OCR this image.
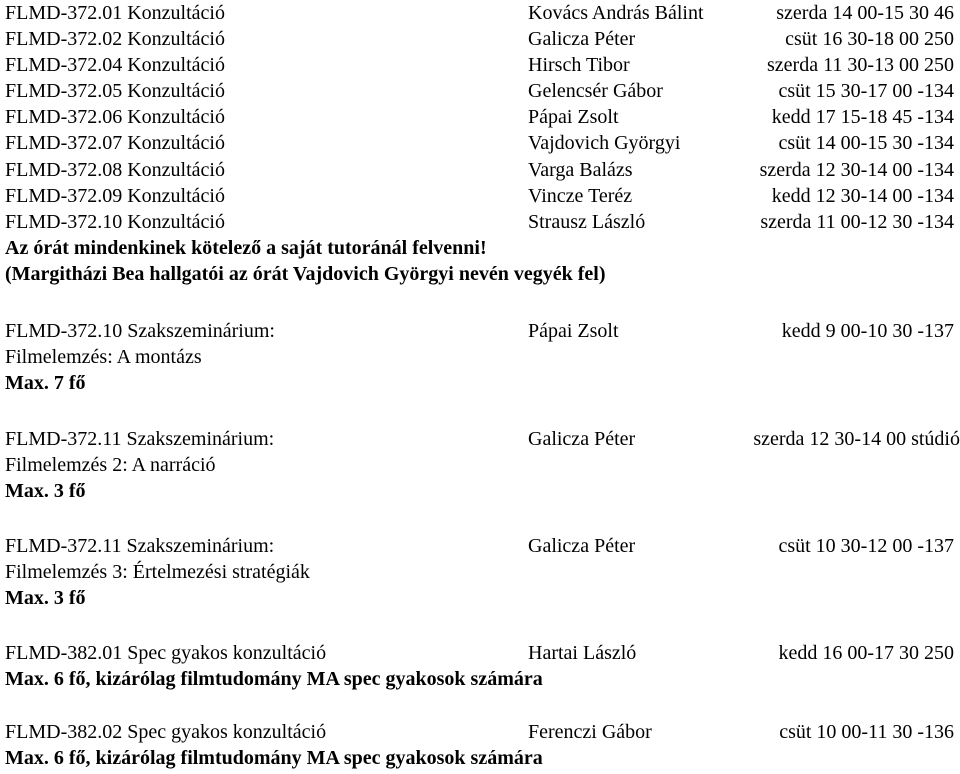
FLMD-372.01 Konzultáció	Kovács András Bálint	szerda 14 00-15 30 46
FLMD-372.02 Konzultáció	Galicza Péter	csüt 16 30-18 00 250
FLMD-372.04 Konzultáció	Hirsch Tibor	szerda 11 30-13 00 250
FLMD-372.05 Konzultáció	Gelencsér Gábor	csüt 15 30-17 00 -134
FLMD-372.06 Konzultáció	Pápai Zsolt	kedd 17 15-18 45 -134
FLMD-372.07 Konzultáció	Vajdovich Györgyi	csüt 14 00-15 30 -134
FLMD-372.08 Konzultáció	Varga Balázs	szerda 12 30-14 00 -134
FLMD-372.09 Konzultáció	Vincze Teréz	kedd 12 30-14 00 -134
FLMD-372.10 Konzultáció	Strausz László	szerda 11 00-12 30 -134
Az órát mindenkinek kötelező a saját tutoránál felvenni!
(Margitházi Bea hallgatói az órát Vajdovich Györgyi nevén vegyék fel)
FLMD-372.10 Szakszeminárium:	Pápai Zsolt	kedd 9 00-10 30 -137
Filmelemzés: A montázs
Max. 7 fő
FLMD-372.11 Szakszeminárium:	Galicza Péter	szerda 12 30-14 00 stúdió
Filmelemzés 2: A narráció
Max. 3 fő
FLMD-372.11 Szakszeminárium:	Galicza Péter	csüt 10 30-12 00 -137
Filmelemzés 3: Értelmezési stratégiák
Max. 3 fő
FLMD-382.01 Spec gyakos konzultáció	Hartai László	kedd 16 00-17 30 250
Max. 6 fő, kizárólag filmtudomány MA spec gyakosok számára
FLMD-382.02 Spec gyakos konzultáció	Ferenczi Gábor	csüt 10 00-11 30 -136
Max. 6 fő, kizárólag filmtudomány MA spec gyakosok számára
